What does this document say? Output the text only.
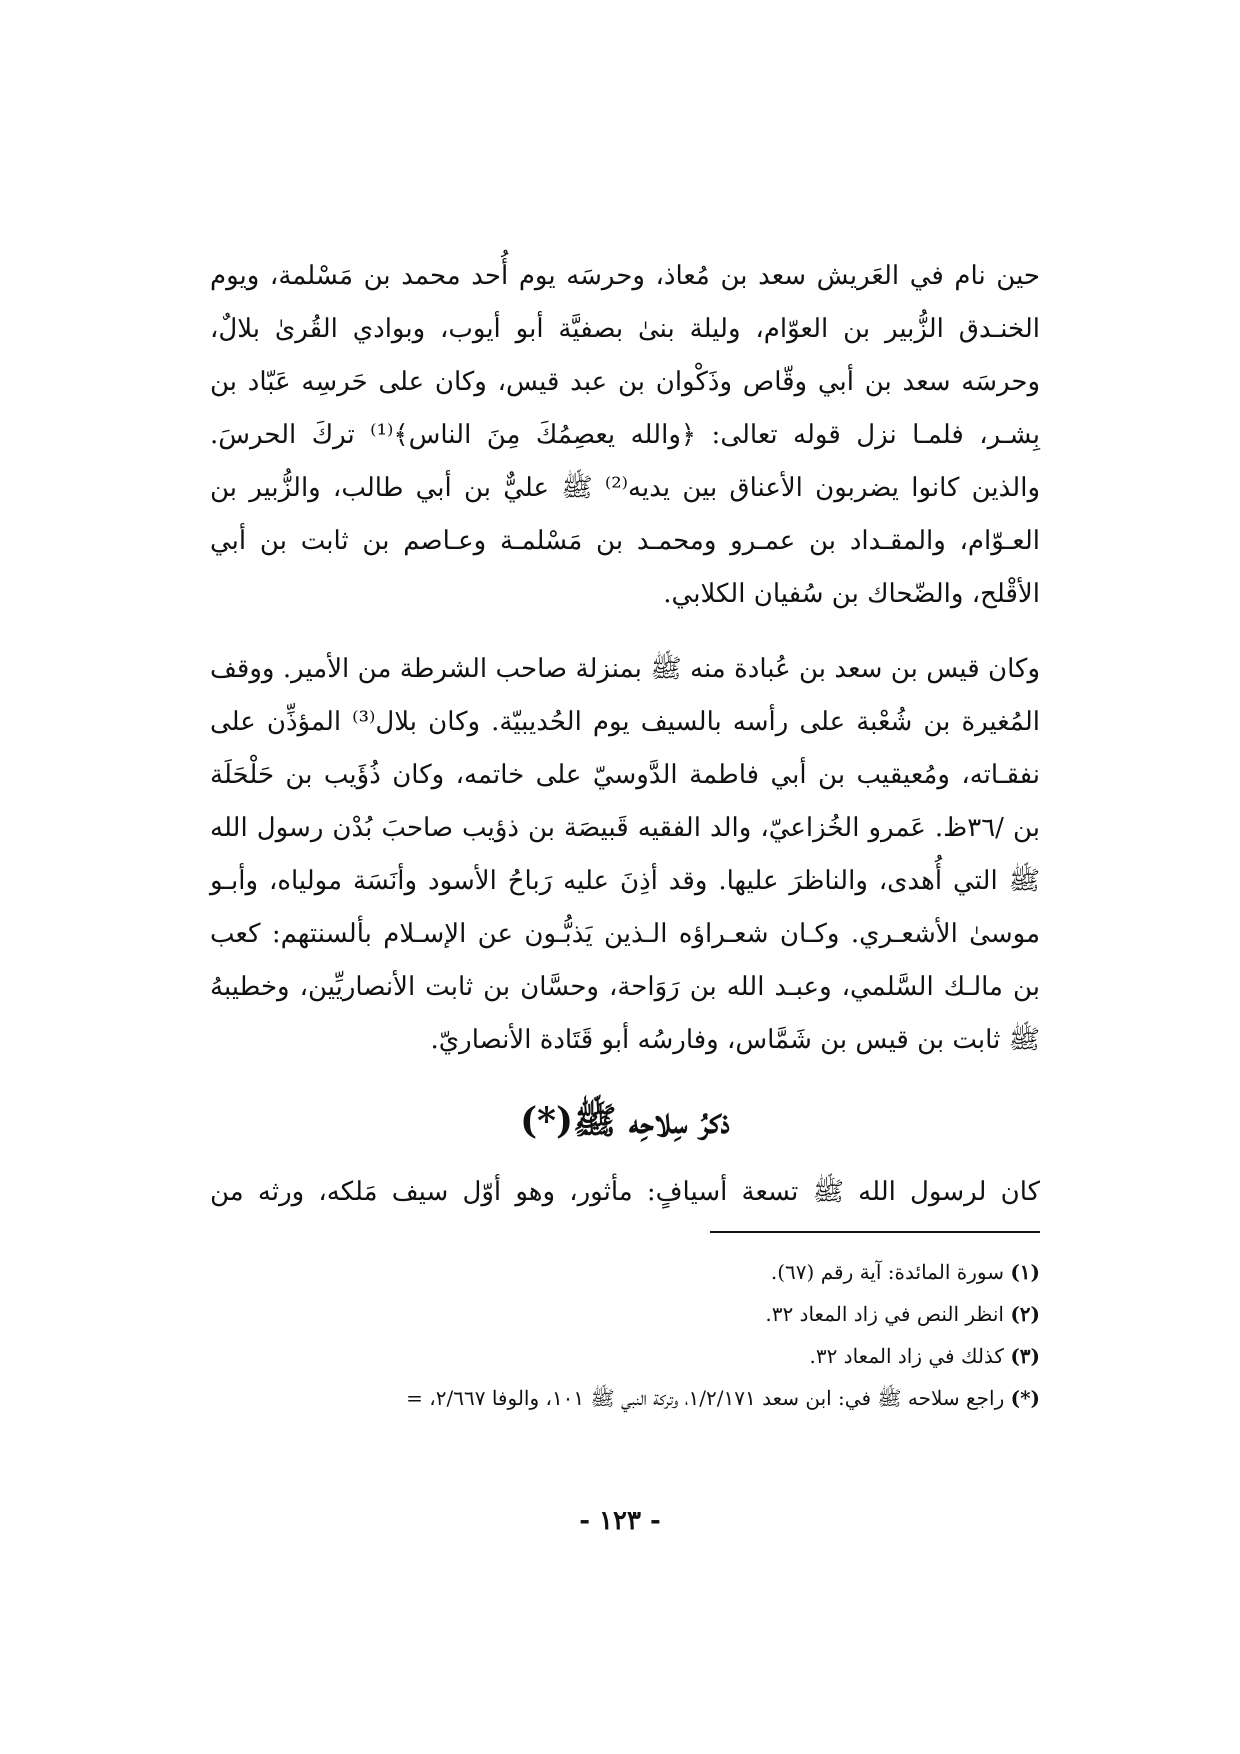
حين نام في العَريش سعد بن مُعاذ، وحرسَه يوم أُحد محمد بن مَسْلمة، ويوم الخنـدق الزُّبير بن العوّام، وليلة بنىٰ بصفيَّة أبو أيوب، وبوادي القُرىٰ بلالٌ، وحرسَه سعد بن أبي وقّاص وذَكْوان بن عبد قيس، وكان على حَرسِه عَبّاد بن بِشـر، فلمـا نزل قوله تعالى: ﴿والله يعصِمُكَ مِنَ الناس﴾⁽¹⁾ تركَ الحرسَ. والذين كانوا يضربون الأعناق بين يديه⁽²⁾ ﷺ عليٌّ بن أبي طالب، والزُّبير بن العـوّام، والمقـداد بن عمـرو ومحمـد بن مَسْلمـة وعـاصم بن ثابت بن أبي الأقْلح، والضّحاك بن سُفيان الكلابي.

وكان قيس بن سعد بن عُبادة منه ﷺ بمنزلة صاحب الشرطة من الأمير. ووقف المُغيرة بن شُعْبة على رأسه بالسيف يوم الحُديبيّة. وكان بلال⁽³⁾ المؤذِّن على نفقـاته، ومُعيقيب بن أبي فاطمة الدَّوسيّ على خاتمه، وكان ذُؤَيب بن حَلْحَلَة بن /٣٦ظ. عَمرو الخُزاعيّ، والد الفقيه قَبيصَة بن ذؤيب صاحبَ بُدْن رسول الله ﷺ التي أُهدى، والناظرَ عليها. وقد أذِنَ عليه رَباحُ الأسود وأنَسَة مولياه، وأبـو موسىٰ الأشعـري. وكـان شعـراؤه الـذين يَذبُّـون عن الإسـلام بألسنتهم: كعب بن مالـك السَّلمي، وعبـد الله بن رَوَاحة، وحسَّان بن ثابت الأنصاريِّين، وخطيبهُ ﷺ ثابت بن قيس بن شَمَّاس، وفارسُه أبو قَتَادة الأنصاريّ.

ذكرُ سِلاحِه ﷺ(*)

كان لرسول الله ﷺ تسعة أسيافٍ: مأثور، وهو أوّل سيف مَلكه، ورثه من

(١) سورة المائدة: آية رقم (٦٧).
(٢) انظر النص في زاد المعاد ٣٢.
(٣) كذلك في زاد المعاد ٣٢.
(*) راجع سلاحه ﷺ في: ابن سعد ١/٢/١٧١، وتركة النبي ﷺ ١٠١، والوفا ٢/٦٦٧، =
- ١٢٣ -
